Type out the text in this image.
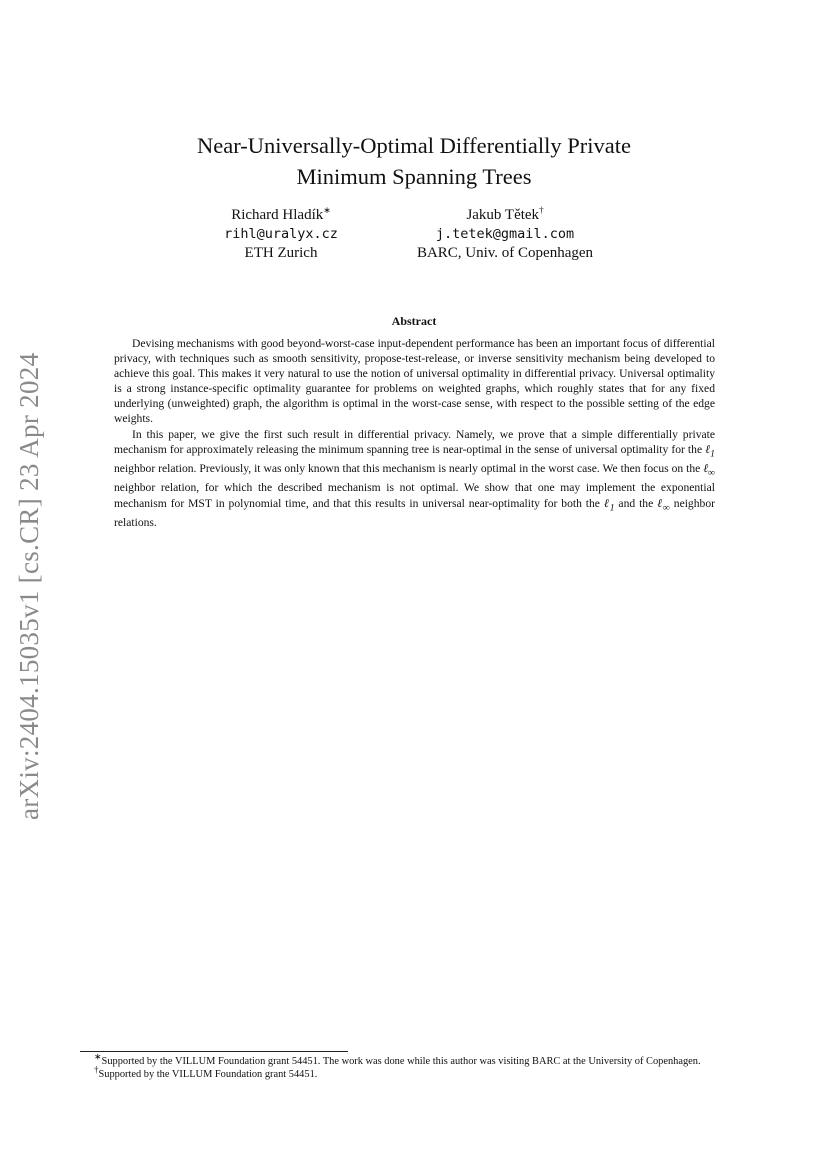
arXiv:2404.15035v1 [cs.CR] 23 Apr 2024
Near-Universally-Optimal Differentially Private
Minimum Spanning Trees
Richard Hladík∗
rihl@uralyx.cz
ETH Zurich
Jakub Tětek†
j.tetek@gmail.com
BARC, Univ. of Copenhagen
Abstract

Devising mechanisms with good beyond-worst-case input-dependent performance has been an important focus of differential privacy, with techniques such as smooth sensitivity, propose-test-release, or inverse sensitivity mechanism being developed to achieve this goal. This makes it very natural to use the notion of universal optimality in differential privacy. Universal optimality is a strong instance-specific optimality guarantee for problems on weighted graphs, which roughly states that for any fixed underlying (unweighted) graph, the algorithm is optimal in the worst-case sense, with respect to the possible setting of the edge weights.

In this paper, we give the first such result in differential privacy. Namely, we prove that a simple differentially private mechanism for approximately releasing the minimum spanning tree is near-optimal in the sense of universal optimality for the ℓ$_1$ neighbor relation. Previously, it was only known that this mechanism is nearly optimal in the worst case. We then focus on the ℓ$_\infty$ neighbor relation, for which the described mechanism is not optimal. We show that one may implement the exponential mechanism for MST in polynomial time, and that this results in universal near-optimality for both the ℓ$_1$ and the ℓ$_\infty$ neighbor relations.

∗Supported by the VILLUM Foundation grant 54451. The work was done while this author was visiting BARC at the University of Copenhagen.

†Supported by the VILLUM Foundation grant 54451.
